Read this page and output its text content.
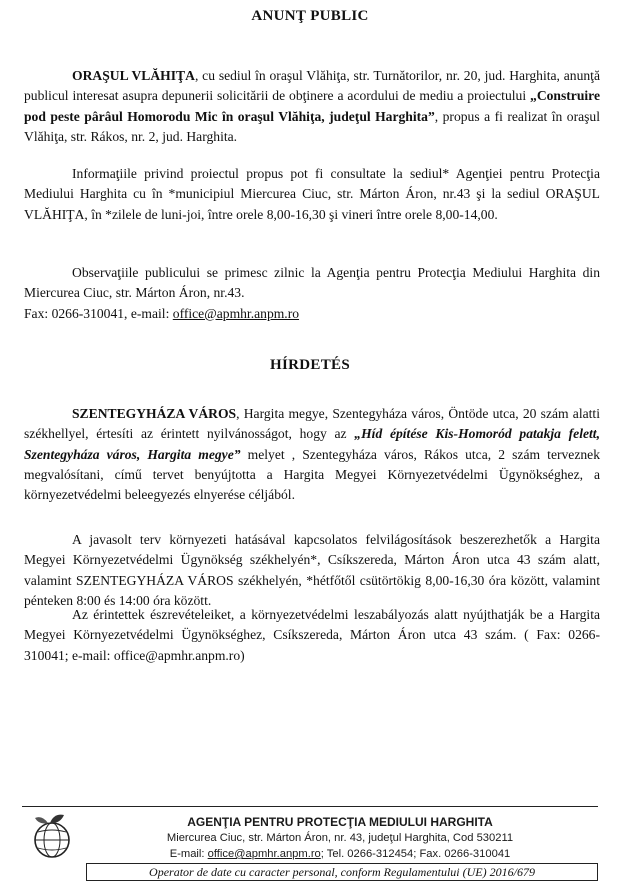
ANUNŢ PUBLIC

ORAŞUL VLĂHIŢA, cu sediul în oraşul Vlăhiţa, str. Turnătorilor, nr. 20, jud. Harghita, anunţă publicul interesat asupra depunerii solicitării de obţinere a acordului de mediu a proiectului „Construire pod peste pârâul Homorodu Mic în oraşul Vlăhiţa, judeţul Harghita”, propus a fi realizat în oraşul Vlăhiţa, str. Rákos, nr. 2, jud. Harghita.

Informaţiile privind proiectul propus pot fi consultate la sediul* Agenţiei pentru Protecţia Mediului Harghita cu în *municipiul Miercurea Ciuc, str. Márton Áron, nr.43 şi la sediul ORAŞUL VLĂHIŢA, în *zilele de luni-joi, între orele 8,00-16,30 şi vineri între orele 8,00-14,00.

Observaţiile publicului se primesc zilnic la Agenţia pentru Protecţia Mediului Harghita din Miercurea Ciuc, str. Márton Áron, nr.43.
Fax: 0266-310041, e-mail: office@apmhr.anpm.ro

HÍRDETÉS

SZENTEGYHÁZA VÁROS, Hargita megye, Szentegyháza város, Öntöde utca, 20 szám alatti székhellyel, értesíti az érintett nyilvánosságot, hogy az „Híd építése Kis-Homoród patakja felett, Szentegyháza város, Hargita megye” melyet , Szentegyháza város, Rákos utca, 2 szám terveznek megvalósítani, című tervet benyújtotta a Hargita Megyei Környezetvédelmi Ügynökséghez, a környezetvédelmi beleegyezés elnyerése céljából.

A javasolt terv környezeti hatásával kapcsolatos felvilágosítások beszerezhetők a Hargita Megyei Környezetvédelmi Ügynökség székhelyén*, Csíkszereda, Márton Áron utca 43 szám alatt, valamint SZENTEGYHÁZA VÁROS székhelyén, *hétfőtől csütörtökig 8,00-16,30 óra között, valamint pénteken 8:00 és 14:00 óra között.

Az érintettek észrevételeiket, a környezetvédelmi leszabályozás alatt nyújthatják be a Hargita Megyei Környezetvédelmi Ügynökséghez, Csíkszereda, Márton Áron utca 43 szám. ( Fax: 0266- 310041; e-mail: office@apmhr.anpm.ro)

AGENŢIA PENTRU PROTECŢIA MEDIULUI HARGHITA
Miercurea Ciuc, str. Márton Áron, nr. 43, judeţul Harghita, Cod 530211
E-mail: office@apmhr.anpm.ro; Tel. 0266-312454; Fax. 0266-310041
Operator de date cu caracter personal, conform Regulamentului (UE) 2016/679
